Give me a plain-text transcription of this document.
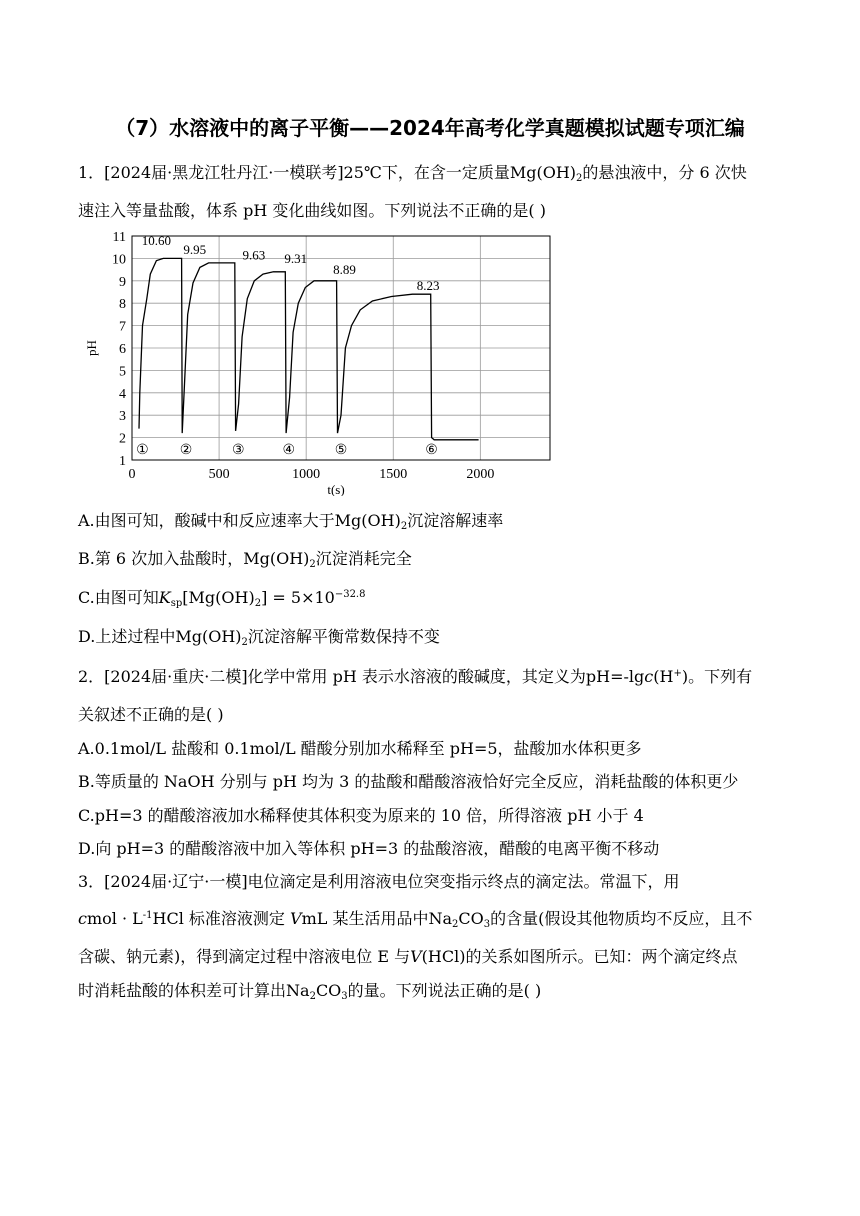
（7）水溶液中的离子平衡——2024年高考化学真题模拟试题专项汇编
1．[2024届·黑龙江牡丹江·一模联考]25℃下，在含一定质量$Mg(OH)_2$的悬浊液中，分 6 次快
速注入等量盐酸，体系 pH 变化曲线如图。下列说法不正确的是( )
1
2
3
4
5
6
7
8
9
10
11
0	500	1000	1500	2000
t(s)
pH
10.60
9.95	9.63 9.31
8.89
8.23
① ②	③	④	⑤	⑥
A.由图可知，酸碱中和反应速率大于$Mg(OH)_2$沉淀溶解速率
B.第 6 次加入盐酸时，$Mg(OH)_2$沉淀消耗完全
C.由图可知$K_{sp}[Mg(OH)_2] = 5\times 10^{-32.8}$
D.上述过程中$Mg(OH)_2$沉淀溶解平衡常数保持不变
2．[2024届·重庆·二模]化学中常用 pH 表示水溶液的酸碱度，其定义为pH=-lgc(H+)。下列有
关叙述不正确的是( )
A.0.1mol/L 盐酸和 0.1mol/L 醋酸分别加水稀释至 pH=5，盐酸加水体积更多
B.等质量的 NaOH 分别与 pH 均为 3 的盐酸和醋酸溶液恰好完全反应，消耗盐酸的体积更少
C.pH=3 的醋酸溶液加水稀释使其体积变为原来的 10 倍，所得溶液 pH 小于 4
D.向 pH=3 的醋酸溶液中加入等体积 pH=3 的盐酸溶液，醋酸的电离平衡不移动
3．[2024届·辽宁·一模]电位滴定是利用溶液电位突变指示终点的滴定法。常温下，用
cmol · $L^{-1}HCl$ 标准溶液测定 VmL 某生活用品中$Na_2CO_3$的含量(假设其他物质均不反应，且不
含碳、钠元素)，得到滴定过程中溶液电位 E 与V(HCl)的关系如图所示。已知：两个滴定终点
时消耗盐酸的体积差可计算出$Na_2CO_3$的量。下列说法正确的是( )
